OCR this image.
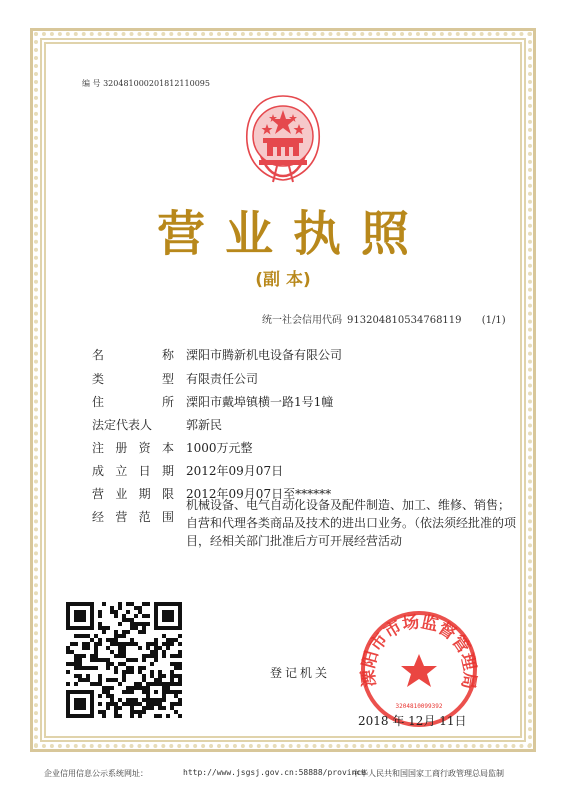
编 号 320481000201812110095
营业执照
(副 本)
统一社会信用代码 913204810534768119 (1/1)
名	称 溧阳市腾新机电设备有限公司
类	型 有限责任公司
住	所 溧阳市戴埠镇横一路1号1幢
法定代表人	郭新民
注 册 资 本 1000万元整
成 立 日 期 2012年09月07日
营 业 期 限 2012年09月07日至******
经 营 范 围
机械设备、电气自动化设备及配件制造、加工、维修、销售；自营和代理各类商品及技术的进出口业务。（依法须经批准的项目，经相关部门批准后方可开展经营活动
登记机关 溧阳市市场监督管理局
3204810099392
2018 年 12月 11日
企业信用信息公示系统网址：	http://www.jsgsj.gov.cn:58888/province
中华人民共和国国家工商行政管理总局监制
